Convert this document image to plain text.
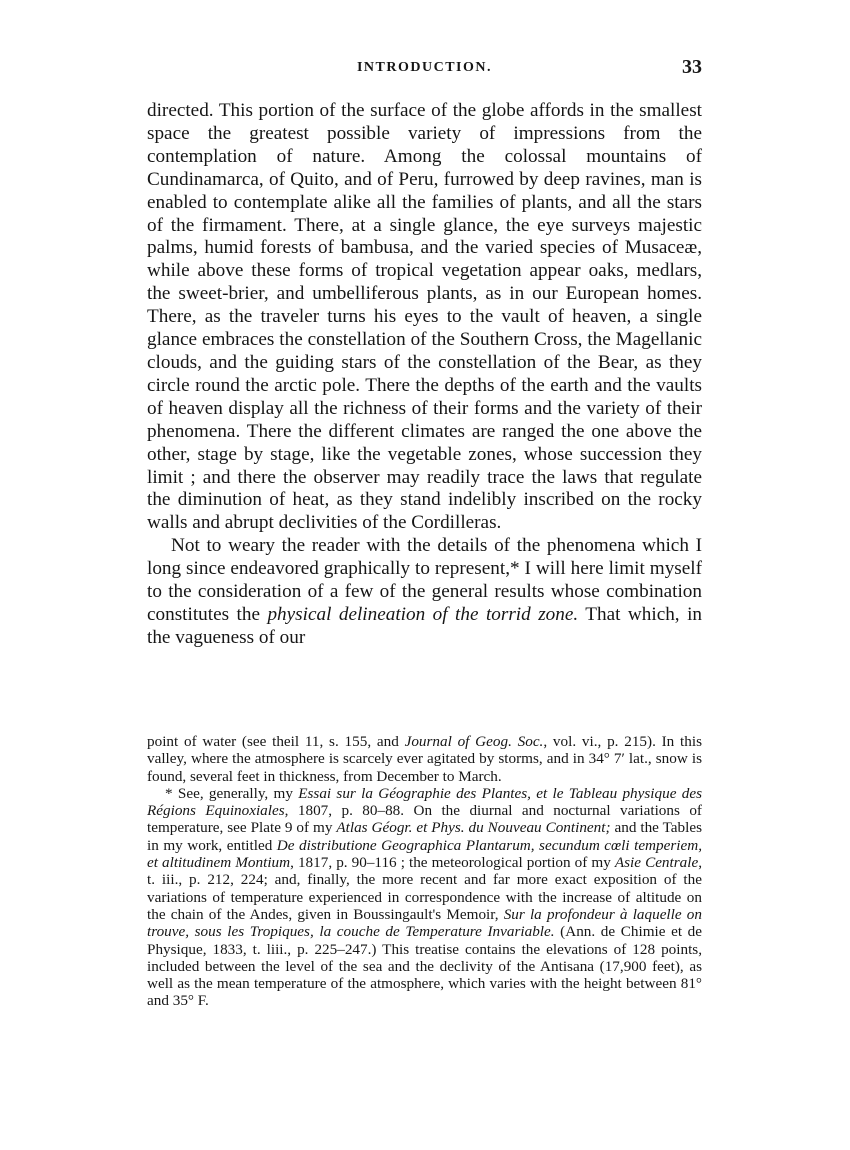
INTRODUCTION.	33

directed. This portion of the surface of the globe affords in the smallest space the greatest possible variety of impressions from the contemplation of nature. Among the colossal mountains of Cundinamarca, of Quito, and of Peru, furrowed by deep ravines, man is enabled to contemplate alike all the families of plants, and all the stars of the firmament. There, at a single glance, the eye surveys majestic palms, humid forests of bambusa, and the varied species of Musaceæ, while above these forms of tropical vegetation appear oaks, medlars, the sweet-brier, and umbelliferous plants, as in our European homes. There, as the traveler turns his eyes to the vault of heaven, a single glance embraces the constellation of the Southern Cross, the Magellanic clouds, and the guiding stars of the constellation of the Bear, as they circle round the arctic pole. There the depths of the earth and the vaults of heaven display all the richness of their forms and the variety of their phenomena. There the different climates are ranged the one above the other, stage by stage, like the vegetable zones, whose succession they limit ; and there the observer may readily trace the laws that regulate the diminution of heat, as they stand indelibly inscribed on the rocky walls and abrupt declivities of the Cordilleras.

Not to weary the reader with the details of the phenomena which I long since endeavored graphically to represent,* I will here limit myself to the consideration of a few of the general results whose combination constitutes the physical delineation of the torrid zone. That which, in the vagueness of our

point of water (see theil 11, s. 155, and Journal of Geog. Soc., vol. vi., p. 215). In this valley, where the atmosphere is scarcely ever agitated by storms, and in 34° 7′ lat., snow is found, several feet in thickness, from December to March.

* See, generally, my Essai sur la Géographie des Plantes, et le Tableau physique des Régions Equinoxiales, 1807, p. 80–88. On the diurnal and nocturnal variations of temperature, see Plate 9 of my Atlas Géogr. et Phys. du Nouveau Continent; and the Tables in my work, entitled De distributione Geographica Plantarum, secundum cœli temperiem, et altitudinem Montium, 1817, p. 90–116 ; the meteorological portion of my Asie Centrale, t. iii., p. 212, 224; and, finally, the more recent and far more exact exposition of the variations of temperature experienced in correspondence with the increase of altitude on the chain of the Andes, given in Boussingault's Memoir, Sur la profondeur à laquelle on trouve, sous les Tropiques, la couche de Temperature Invariable. (Ann. de Chimie et de Physique, 1833, t. liii., p. 225–247.) This treatise contains the elevations of 128 points, included between the level of the sea and the declivity of the Antisana (17,900 feet), as well as the mean temperature of the atmosphere, which varies with the height between 81° and 35° F.
